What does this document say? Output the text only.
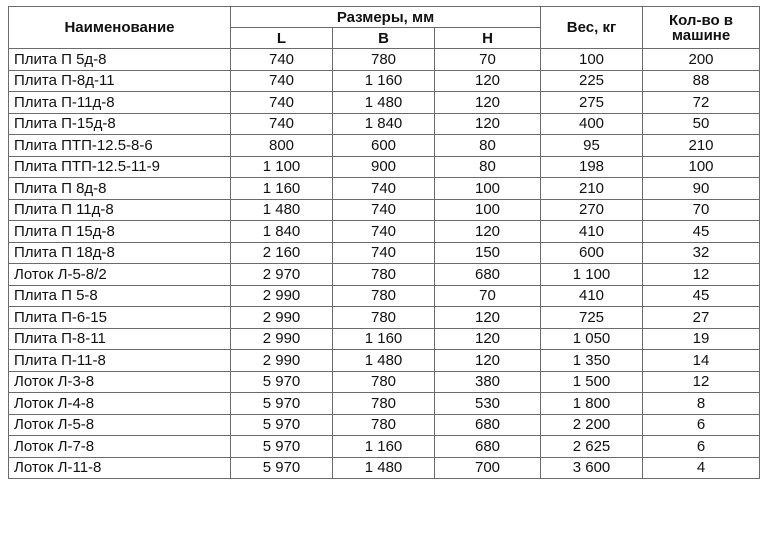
Наименование	Размеры, мм			Вес, кг	Кол-во в машине
	L	B	H		
Плита П 5д-8	740	780	70	100	200
Плита П-8д-11	740	1 160	120	225	88
Плита П-11д-8	740	1 480	120	275	72
Плита П-15д-8	740	1 840	120	400	50
Плита ПТП-12.5-8-6	800	600	80	95	210
Плита ПТП-12.5-11-9	1 100	900	80	198	100
Плита П 8д-8	1 160	740	100	210	90
Плита П 11д-8	1 480	740	100	270	70
Плита П 15д-8	1 840	740	120	410	45
Плита П 18д-8	2 160	740	150	600	32
Лоток Л-5-8/2	2 970	780	680	1 100	12
Плита П 5-8	2 990	780	70	410	45
Плита П-6-15	2 990	780	120	725	27
Плита П-8-11	2 990	1 160	120	1 050	19
Плита П-11-8	2 990	1 480	120	1 350	14
Лоток Л-3-8	5 970	780	380	1 500	12
Лоток Л-4-8	5 970	780	530	1 800	8
Лоток Л-5-8	5 970	780	680	2 200	6
Лоток Л-7-8	5 970	1 160	680	2 625	6
Лоток Л-11-8	5 970	1 480	700	3 600	4
